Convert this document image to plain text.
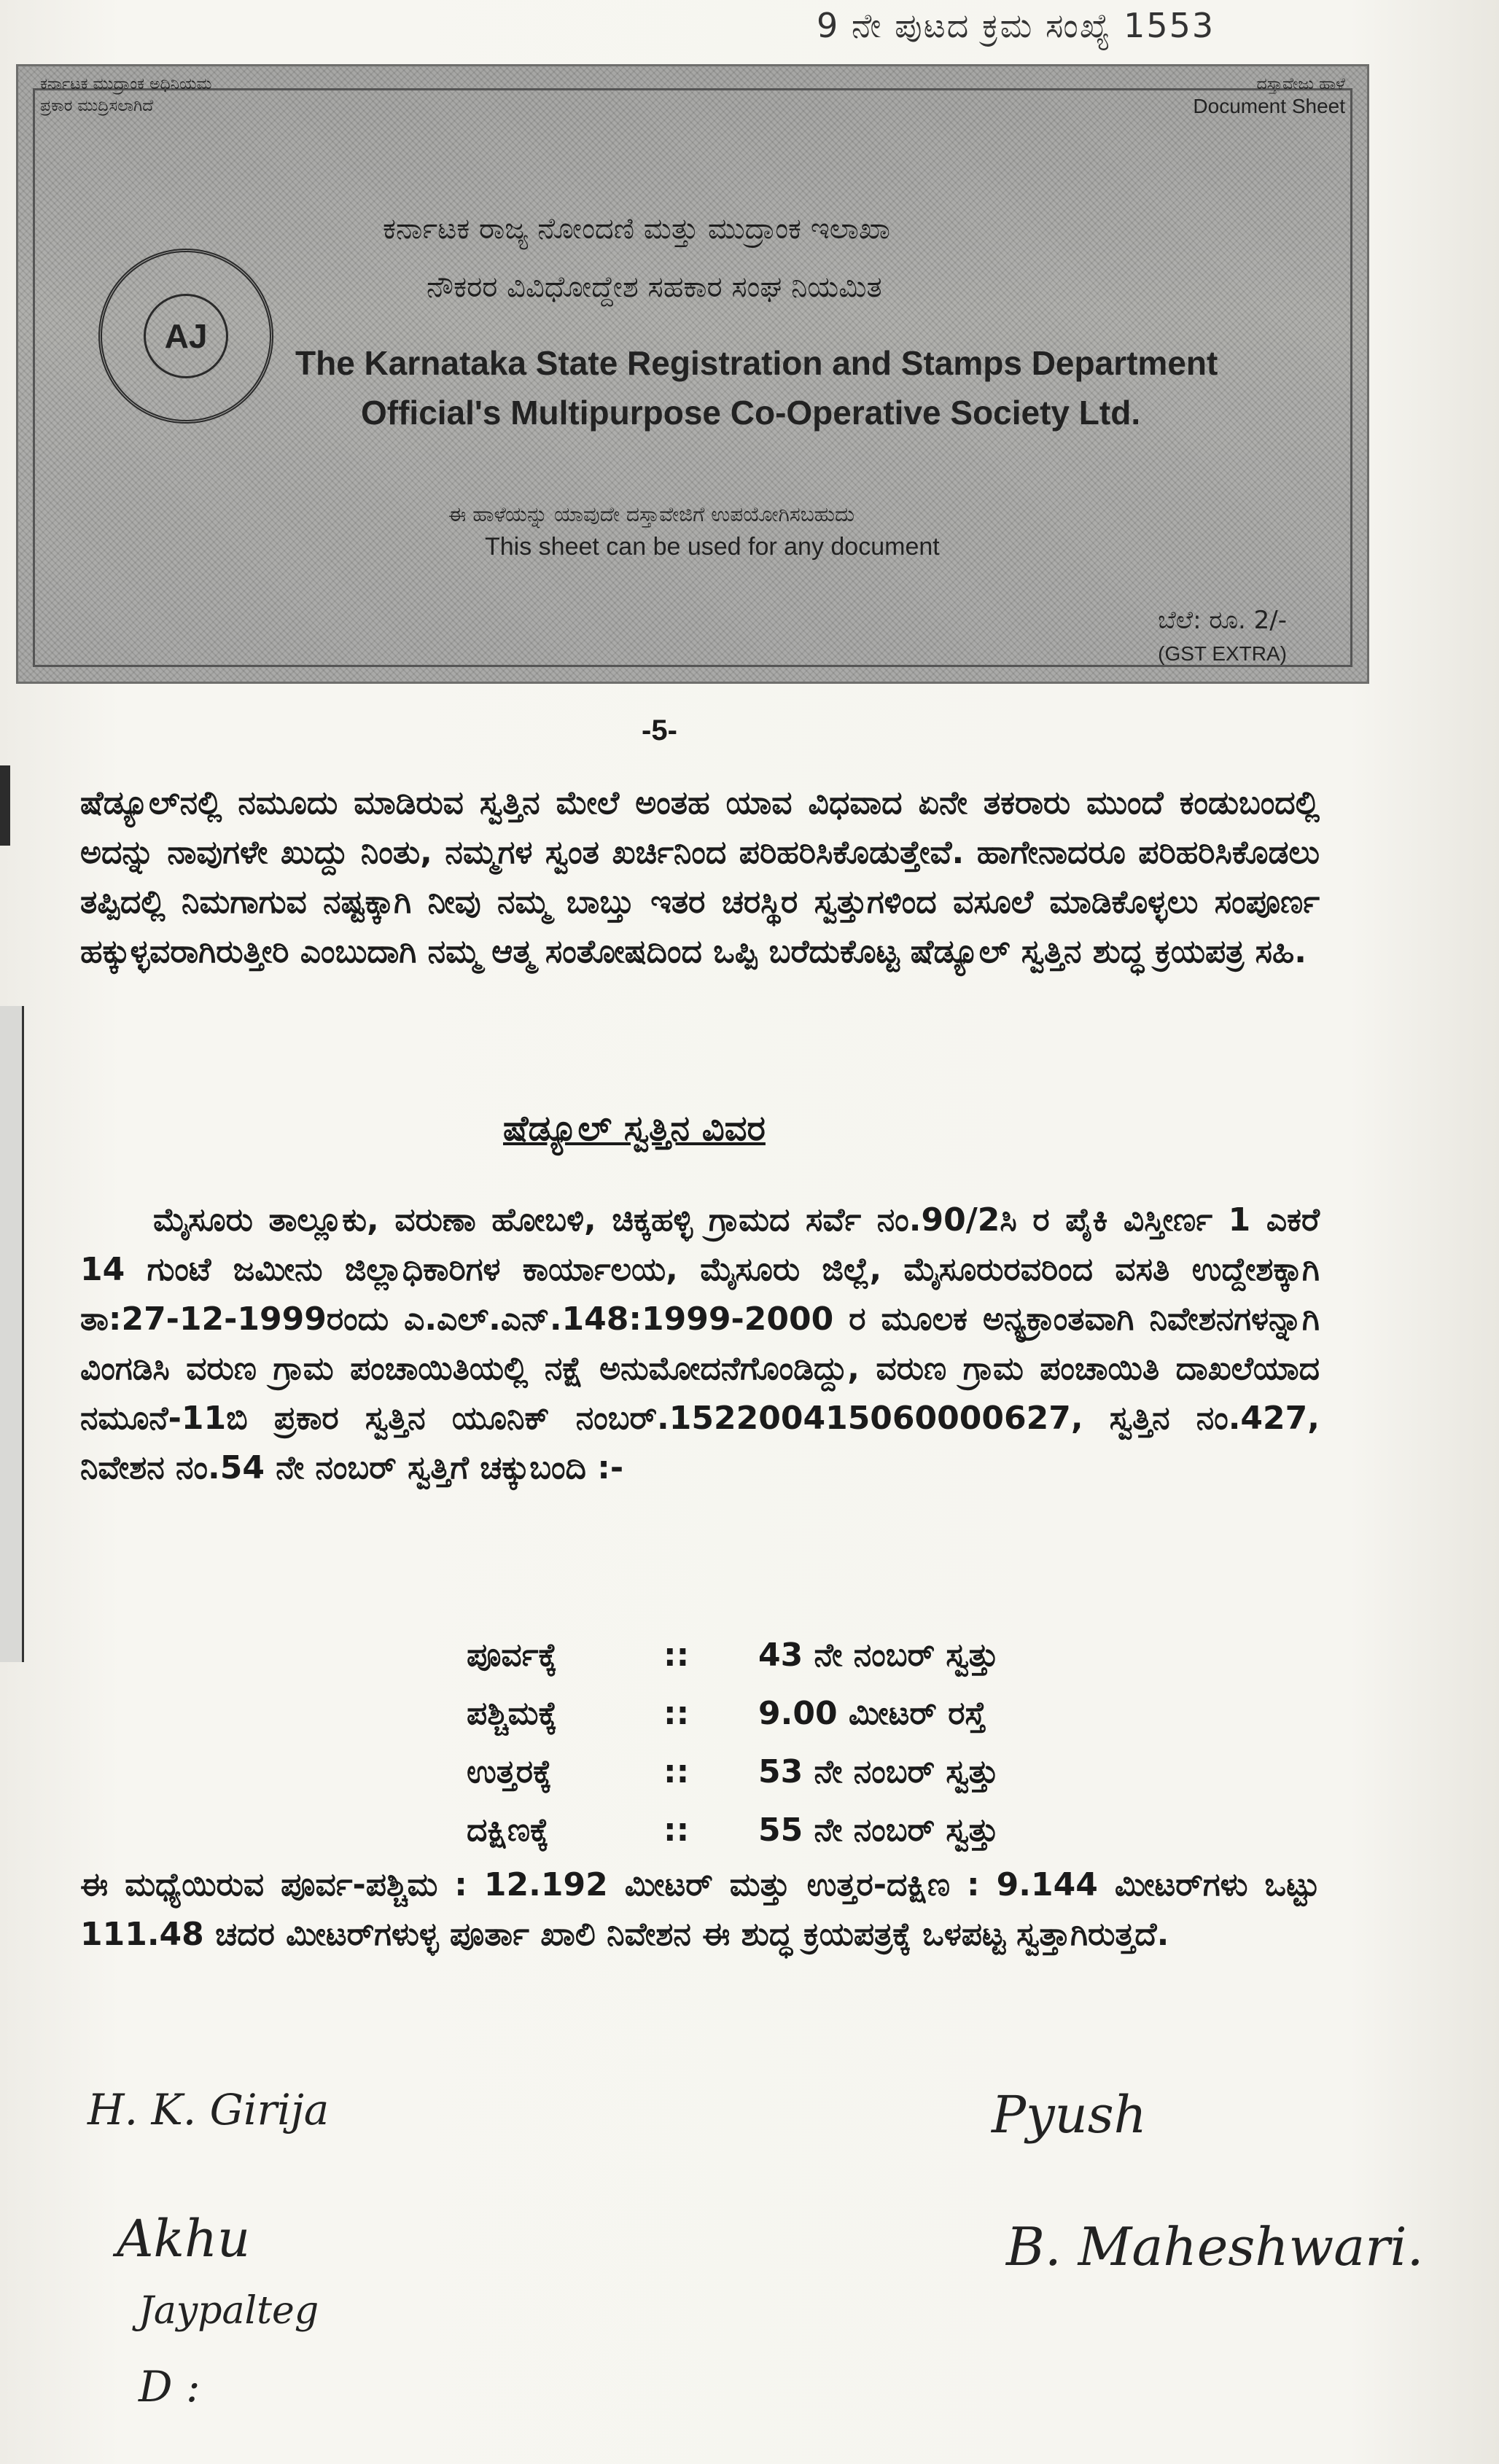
9 ನೇ ಪುಟದ ಕ್ರಮ ಸಂಖ್ಯೆ 1553
ಕರ್ನಾಟಕ ಮುದ್ರಾಂಕ ಅಧಿನಿಯಮ
ಪ್ರಕಾರ ಮುದ್ರಿಸಲಾಗಿದೆ
ದಸ್ತಾವೇಜು ಹಾಳೆ
Document Sheet
AJ
ಕರ್ನಾಟಕ ರಾಜ್ಯ ನೋಂದಣಿ ಮತ್ತು ಮುದ್ರಾಂಕ ಇಲಾಖಾ
ನೌಕರರ ವಿವಿಧೋದ್ದೇಶ ಸಹಕಾರ ಸಂಘ ನಿಯಮಿತ
The Karnataka State Registration and Stamps Department
Official's Multipurpose Co-Operative Society Ltd.
ಈ ಹಾಳೆಯನ್ನು ಯಾವುದೇ ದಸ್ತಾವೇಜಿಗೆ ಉಪಯೋಗಿಸಬಹುದು
This sheet can be used for any document
ಬೆಲೆ: ರೂ. 2/-
(GST EXTRA)
-5-
ಷೆಡ್ಯೂಲ್‌ನಲ್ಲಿ ನಮೂದು ಮಾಡಿರುವ ಸ್ವತ್ತಿನ ಮೇಲೆ ಅಂತಹ ಯಾವ ವಿಧವಾದ ಏನೇ ತಕರಾರು ಮುಂದೆ ಕಂಡುಬಂದಲ್ಲಿ ಅದನ್ನು ನಾವುಗಳೇ ಖುದ್ದು ನಿಂತು, ನಮ್ಮಗಳ ಸ್ವಂತ ಖರ್ಚಿನಿಂದ ಪರಿಹರಿಸಿಕೊಡುತ್ತೇವೆ. ಹಾಗೇನಾದರೂ ಪರಿಹರಿಸಿಕೊಡಲು ತಪ್ಪಿದಲ್ಲಿ ನಿಮಗಾಗುವ ನಷ್ಟಕ್ಕಾಗಿ ನೀವು ನಮ್ಮ ಬಾಬ್ತು ಇತರ ಚರಸ್ಥಿರ ಸ್ವತ್ತುಗಳಿಂದ ವಸೂಲೆ ಮಾಡಿಕೊಳ್ಳಲು ಸಂಪೂರ್ಣ ಹಕ್ಕುಳ್ಳವರಾಗಿರುತ್ತೀರಿ ಎಂಬುದಾಗಿ ನಮ್ಮ ಆತ್ಮ ಸಂತೋಷದಿಂದ ಒಪ್ಪಿ ಬರೆದುಕೊಟ್ಟ ಷೆಡ್ಯೂಲ್ ಸ್ವತ್ತಿನ ಶುದ್ಧ ಕ್ರಯಪತ್ರ ಸಹಿ.
ಷೆಡ್ಯೂಲ್ ಸ್ವತ್ತಿನ ವಿವರ
ಮೈಸೂರು ತಾಲ್ಲೂಕು, ವರುಣಾ ಹೋಬಳಿ, ಚಿಕ್ಕಹಳ್ಳಿ ಗ್ರಾಮದ ಸರ್ವೆ ನಂ.90/2ಸಿ ರ ಪೈಕಿ ವಿಸ್ತೀರ್ಣ 1 ಎಕರೆ 14 ಗುಂಟೆ ಜಮೀನು ಜಿಲ್ಲಾಧಿಕಾರಿಗಳ ಕಾರ್ಯಾಲಯ, ಮೈಸೂರು ಜಿಲ್ಲೆ, ಮೈಸೂರುರವರಿಂದ ವಸತಿ ಉದ್ದೇಶಕ್ಕಾಗಿ ತಾ:27-12-1999ರಂದು ಎ.ಎಲ್.ಎನ್.148:1999-2000 ರ ಮೂಲಕ ಅನ್ಯಕ್ರಾಂತವಾಗಿ ನಿವೇಶನಗಳನ್ನಾಗಿ ವಿಂಗಡಿಸಿ ವರುಣ ಗ್ರಾಮ ಪಂಚಾಯಿತಿಯಲ್ಲಿ ನಕ್ಷೆ ಅನುಮೋದನೆಗೊಂಡಿದ್ದು, ವರುಣ ಗ್ರಾಮ ಪಂಚಾಯಿತಿ ದಾಖಲೆಯಾದ ನಮೂನೆ-11ಬಿ ಪ್ರಕಾರ ಸ್ವತ್ತಿನ ಯೂನಿಕ್ ನಂಬರ್.152200415060000627, ಸ್ವತ್ತಿನ ನಂ.427, ನಿವೇಶನ ನಂ.54 ನೇ ನಂಬರ್ ಸ್ವತ್ತಿಗೆ ಚಕ್ಕುಬಂದಿ :-
ಪೂರ್ವಕ್ಕೆ	::	43 ನೇ ನಂಬರ್ ಸ್ವತ್ತು
ಪಶ್ಚಿಮಕ್ಕೆ	::	9.00 ಮೀಟರ್ ರಸ್ತೆ
ಉತ್ತರಕ್ಕೆ	::	53 ನೇ ನಂಬರ್ ಸ್ವತ್ತು
ದಕ್ಷಿಣಕ್ಕೆ	::	55 ನೇ ನಂಬರ್ ಸ್ವತ್ತು
ಈ ಮಧ್ಯೆಯಿರುವ ಪೂರ್ವ-ಪಶ್ಚಿಮ : 12.192 ಮೀಟರ್ ಮತ್ತು ಉತ್ತರ-ದಕ್ಷಿಣ : 9.144 ಮೀಟರ್‌ಗಳು ಒಟ್ಟು 111.48 ಚದರ ಮೀಟರ್‌ಗಳುಳ್ಳ ಪೂರ್ತಾ ಖಾಲಿ ನಿವೇಶನ ಈ ಶುದ್ಧ ಕ್ರಯಪತ್ರಕ್ಕೆ ಒಳಪಟ್ಟ ಸ್ವತ್ತಾಗಿರುತ್ತದೆ.
H. K. Girija	Pyush
B. Maheshwari.
Akhu
Jaypalteg
D :
